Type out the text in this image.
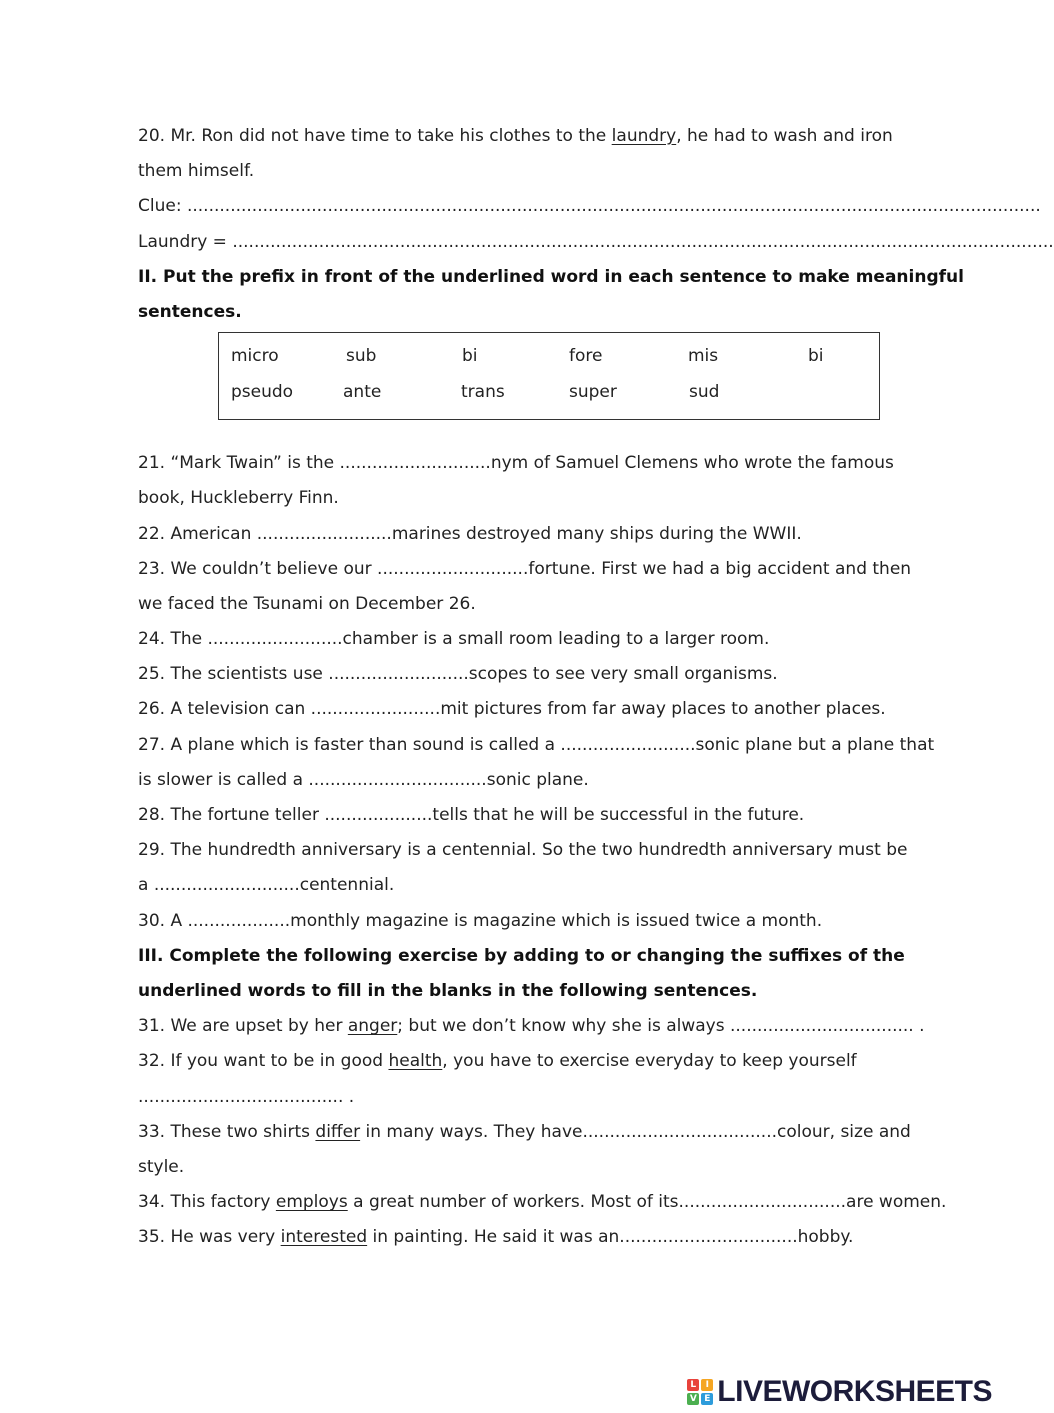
20. Mr. Ron did not have time to take his clothes to the laundry, he had to wash and iron
them himself.
Clue: ..............................................................................................................................................................
Laundry = ........................................................................................................................................................
II. Put the prefix in front of the underlined word in each sentence to make meaningful
sentences.
21. “Mark Twain” is the ............................nym of Samuel Clemens who wrote the famous
book, Huckleberry Finn.
22. American .........................marines destroyed many ships during the WWII.
23. We couldn’t believe our ............................fortune. First we had a big accident and then
we faced the Tsunami on December 26.
24. The .........................chamber is a small room leading to a larger room.
25. The scientists use ..........................scopes to see very small organisms.
26. A television can ........................mit pictures from far away places to another places.
27. A plane which is faster than sound is called a .........................sonic plane but a plane that
is slower is called a .................................sonic plane.
28. The fortune teller ....................tells that he will be successful in the future.
29. The hundredth anniversary is a centennial. So the two hundredth anniversary must be
a ...........................centennial.
30. A ...................monthly magazine is magazine which is issued twice a month.
III. Complete the following exercise by adding to or changing the suffixes of the
underlined words to fill in the blanks in the following sentences.
31. We are upset by her anger; but we don’t know why she is always .................................. .
32. If you want to be in good health, you have to exercise everyday to keep yourself
...................................... .
33. These two shirts differ in many ways. They have....................................colour, size and
style.
34. This factory employs a great number of workers. Most of its...............................are women.
35. He was very interested in painting. He said it was an.................................hobby.
micro	sub	bi	fore	mis	bi
pseudo	ante	trans	super	sud
L	I
V E LIVEWORKSHEETS
